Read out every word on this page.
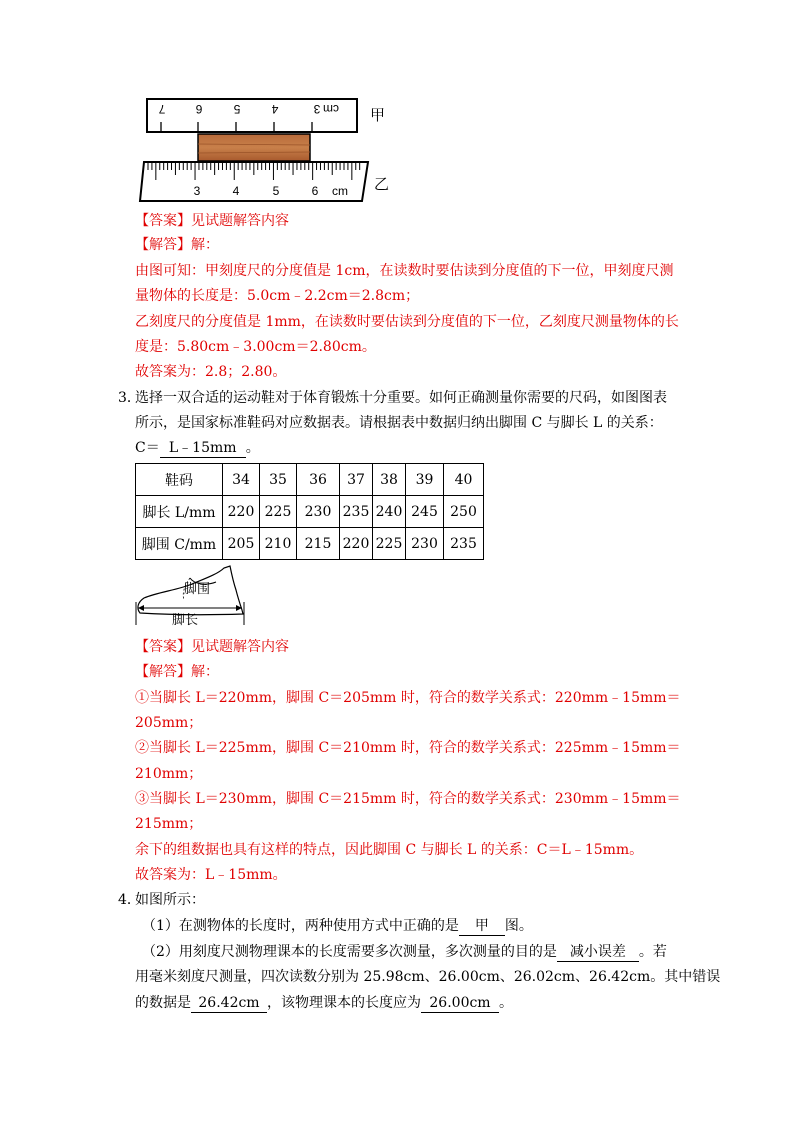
7	6	5	4	3 cm 甲
3	4	5	6 cm 乙
【答案】见试题解答内容
【解答】解：
由图可知：甲刻度尺的分度值是 1cm，在读数时要估读到分度值的下一位，甲刻度尺测
量物体的长度是：5.0cm﹣2.2cm＝2.8cm；
乙刻度尺的分度值是 1mm，在读数时要估读到分度值的下一位，乙刻度尺测量物体的长
度是：5.80cm﹣3.00cm＝2.80cm。
故答案为：2.8；2.80。
3．
选择一双合适的运动鞋对于体育锻炼十分重要。如何正确测量你需要的尺码，如图图表
所示，是国家标准鞋码对应数据表。请根据表中数据归纳出脚围 C 与脚长 L 的关系：
C＝ L﹣15mm 。
鞋码	34	35	36	37	38	39	40
脚长 L/mm	220	225	230	235	240	245	250
脚围 C/mm	205	210	215	220	225	230	235
脚围
脚长
【答案】见试题解答内容
【解答】解：
①当脚长 L＝220mm，脚围 C＝205mm 时，符合的数学关系式：220mm﹣15mm＝
205mm；
②当脚长 L＝225mm，脚围 C＝210mm 时，符合的数学关系式：225mm﹣15mm＝
210mm；
③当脚长 L＝230mm，脚围 C＝215mm 时，符合的数学关系式：230mm﹣15mm＝
215mm；
余下的组数据也具有这样的特点，因此脚围 C 与脚长 L 的关系：C＝L﹣15mm。
故答案为：L﹣15mm。
4．
如图所示：
（1）在测物体的长度时，两种使用方式中正确的是 甲 图。
（2）用刻度尺测物理课本的长度需要多次测量，多次测量的目的是 减小误差 。若
用毫米刻度尺测量，四次读数分别为 25.98cm、26.00cm、26.02cm、26.42cm。其中错误
的数据是 26.42cm ，该物理课本的长度应为 26.00cm 。
